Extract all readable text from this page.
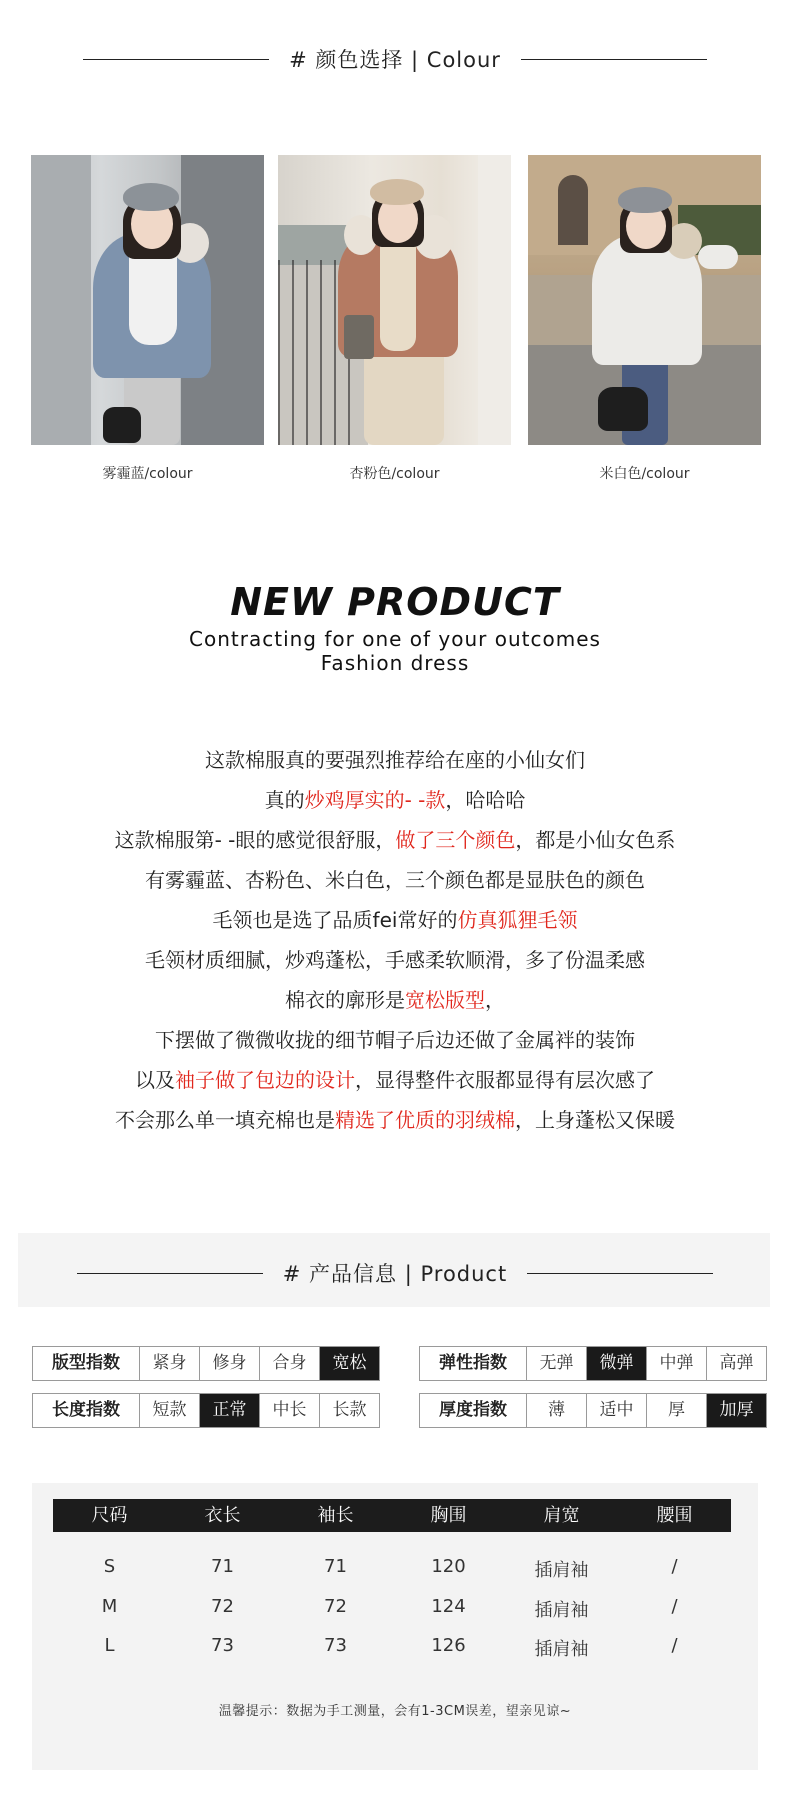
# 颜色选择 | Colour
雾霾蓝/colour	杏粉色/colour	米白色/colour
NEW PRODUCT
Contracting for one of your outcomes
Fashion dress
这款棉服真的要强烈推荐给在座的小仙女们
真的炒鸡厚实的- -款，哈哈哈
这款棉服第- -眼的感觉很舒服，做了三个颜色，都是小仙女色系
有雾霾蓝、杏粉色、米白色，三个颜色都是显肤色的颜色
毛领也是选了品质fei常好的仿真狐狸毛领
毛领材质细腻，炒鸡蓬松，手感柔软顺滑，多了份温柔感
棉衣的廓形是宽松版型，
下摆做了微微收拢的细节帽子后边还做了金属袢的装饰
以及袖子做了包边的设计，显得整件衣服都显得有层次感了
不会那么单一填充棉也是精选了优质的羽绒棉，上身蓬松又保暖
# 产品信息 | Product
版型指数	紧身	修身	合身	宽松
长度指数	短款	正常	中长	长款
弹性指数	无弹	微弹	中弹	高弹
厚度指数	薄	适中	厚	加厚
尺码	衣长	袖长	胸围	肩宽	腰围
S	71	71	120	插肩袖	/
M	72	72	124	插肩袖	/
L	73	73	126	插肩袖	/
温馨提示：数据为手工测量，会有1-3CM误差，望亲见谅~
